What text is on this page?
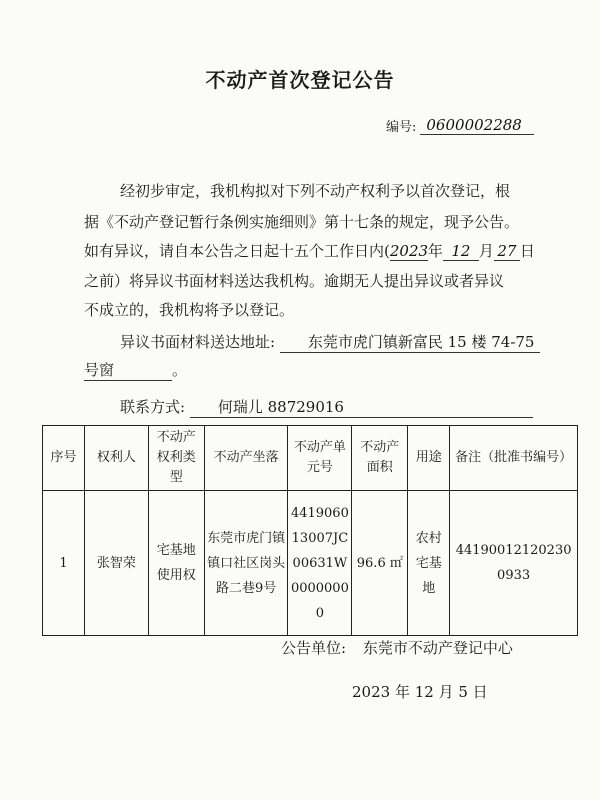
不动产首次登记公告
编号: 0600002288
经初步审定，我机构拟对下列不动产权利予以首次登记，根
据《不动产登记暂行条例实施细则》第十七条的规定，现予公告。
如有异议，请自本公告之日起十五个工作日内(2023年 12 月 27 日
之前）将异议书面材料送达我机构。逾期无人提出异议或者异议
不成立的，我机构将予以登记。
异议书面材料送达地址: 东莞市虎门镇新富民 15 楼 74-75
号窗	。
联系方式: 何瑞儿 88729016
序号	权利人	不动产权利类型	不动产坐落	不动产单元号	不动产面积	用途	备注（批准书编号）
1	张智荣	宅基地使用权	东莞市虎门镇镇口社区岗头路二巷9号	441906013007JC00631W00000000	96.6 ㎡	农村宅基地	441900121202300933
公告单位: 东莞市不动产登记中心
2023 年 12 月 5 日
